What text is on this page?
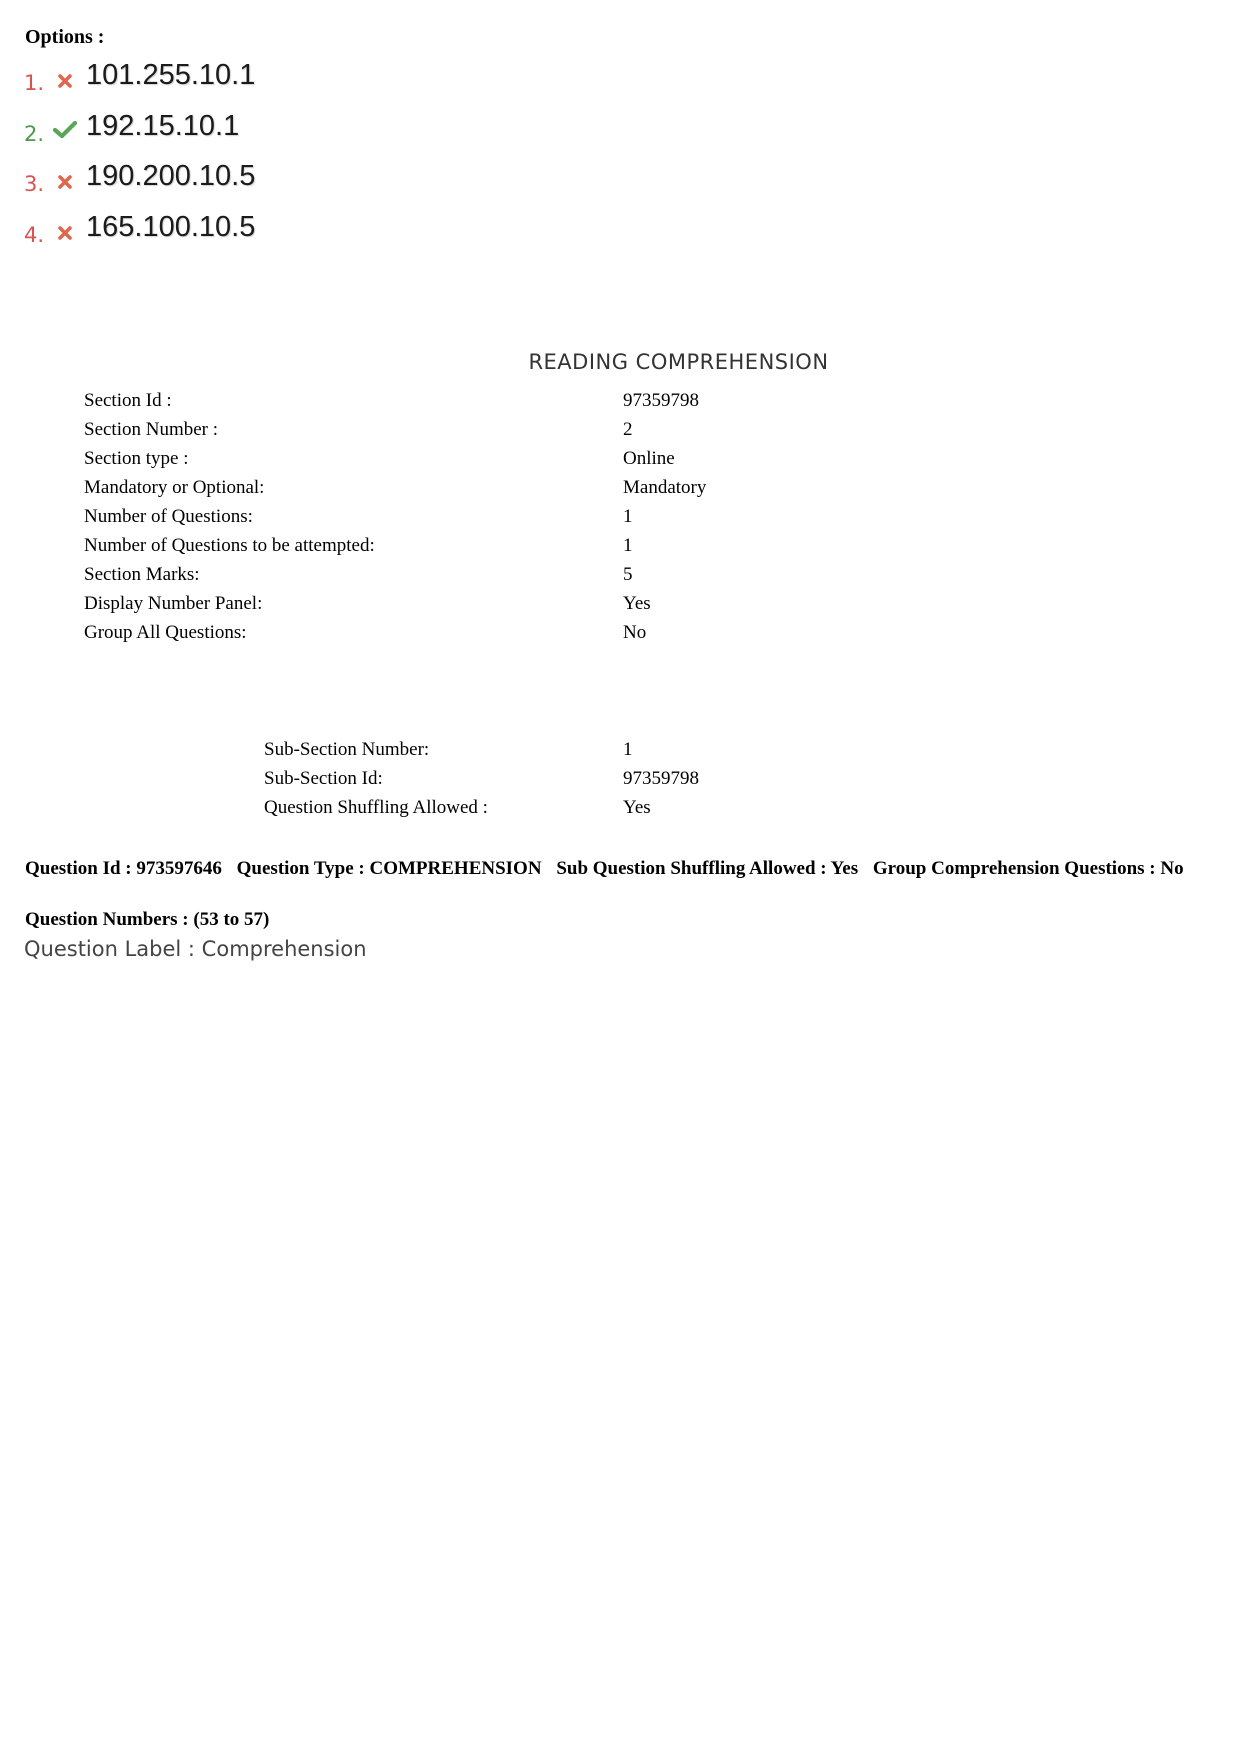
Options :
1. 101.255.10.1
2. 192.15.10.1
3. 190.200.10.5
4. 165.100.10.5
READING COMPREHENSION
Section Id :	97359798
Section Number :	2
Section type :	Online
Mandatory or Optional:	Mandatory
Number of Questions:	1
Number of Questions to be attempted:	1
Section Marks:	5
Display Number Panel:	Yes
Group All Questions:	No
Sub-Section Number:	1
Sub-Section Id:	97359798
Question Shuffling Allowed :	Yes
Question Id : 973597646 Question Type : COMPREHENSION Sub Question Shuffling Allowed : Yes Group Comprehension Questions : No
Question Numbers : (53 to 57)
Question Label : Comprehension
